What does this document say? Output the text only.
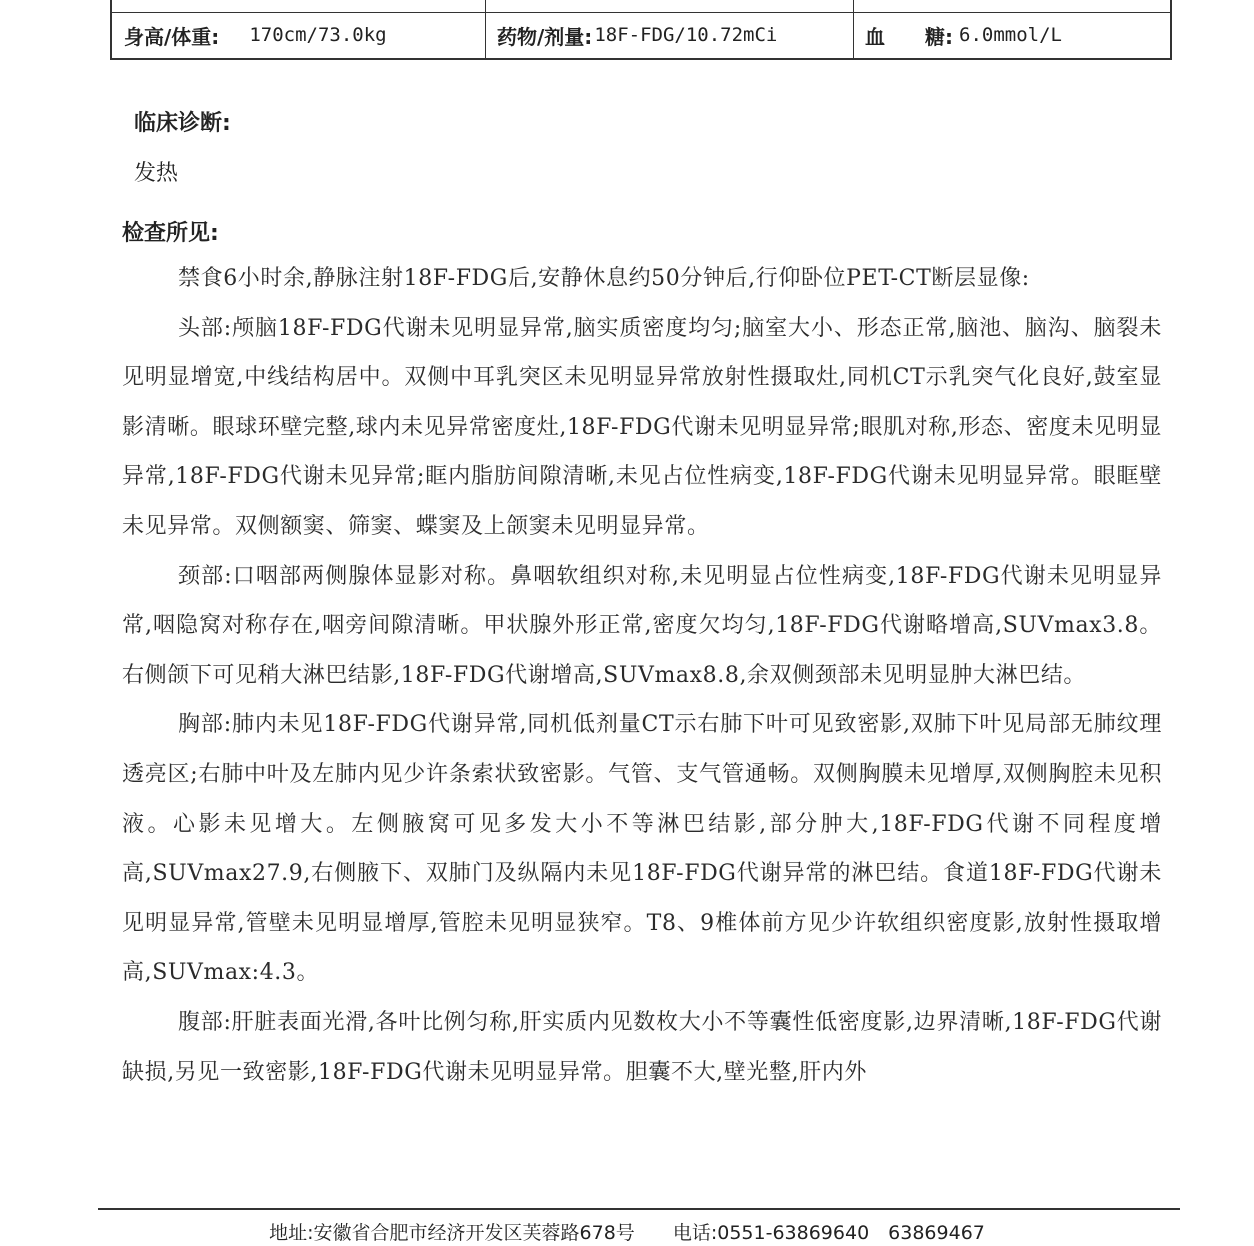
身高/体重: 170cm/73.0kg	药物/剂量: 18F-FDG/10.72mCi	血　　糖: 6.0mmol/L
临床诊断:
发热
检查所见:

禁食6小时余,静脉注射18F-FDG后,安静休息约50分钟后,行仰卧位PET-CT断层显像:

头部:颅脑18F-FDG代谢未见明显异常,脑实质密度均匀;脑室大小、形态正常,脑池、脑沟、脑裂未见明显增宽,中线结构居中。双侧中耳乳突区未见明显异常放射性摄取灶,同机CT示乳突气化良好,鼓室显影清晰。眼球环壁完整,球内未见异常密度灶,18F-FDG代谢未见明显异常;眼肌对称,形态、密度未见明显异常,18F-FDG代谢未见异常;眶内脂肪间隙清晰,未见占位性病变,18F-FDG代谢未见明显异常。眼眶壁未见异常。双侧额窦、筛窦、蝶窦及上颌窦未见明显异常。

颈部:口咽部两侧腺体显影对称。鼻咽软组织对称,未见明显占位性病变,18F-FDG代谢未见明显异常,咽隐窝对称存在,咽旁间隙清晰。甲状腺外形正常,密度欠均匀,18F-FDG代谢略增高,SUVmax3.8。右侧颌下可见稍大淋巴结影,18F-FDG代谢增高,SUVmax8.8,余双侧颈部未见明显肿大淋巴结。

胸部:肺内未见18F-FDG代谢异常,同机低剂量CT示右肺下叶可见致密影,双肺下叶见局部无肺纹理透亮区;右肺中叶及左肺内见少许条索状致密影。气管、支气管通畅。双侧胸膜未见增厚,双侧胸腔未见积液。心影未见增大。左侧腋窝可见多发大小不等淋巴结影,部分肿大,18F-FDG代谢不同程度增高,SUVmax27.9,右侧腋下、双肺门及纵隔内未见18F-FDG代谢异常的淋巴结。食道18F-FDG代谢未见明显异常,管壁未见明显增厚,管腔未见明显狭窄。T8、9椎体前方见少许软组织密度影,放射性摄取增高,SUVmax:4.3。

腹部:肝脏表面光滑,各叶比例匀称,肝实质内见数枚大小不等囊性低密度影,边界清晰,18F-FDG代谢缺损,另见一致密影,18F-FDG代谢未见明显异常。胆囊不大,壁光整,肝内外

地址:安徽省合肥市经济开发区芙蓉路678号 电话:0551-63869640　63869467
